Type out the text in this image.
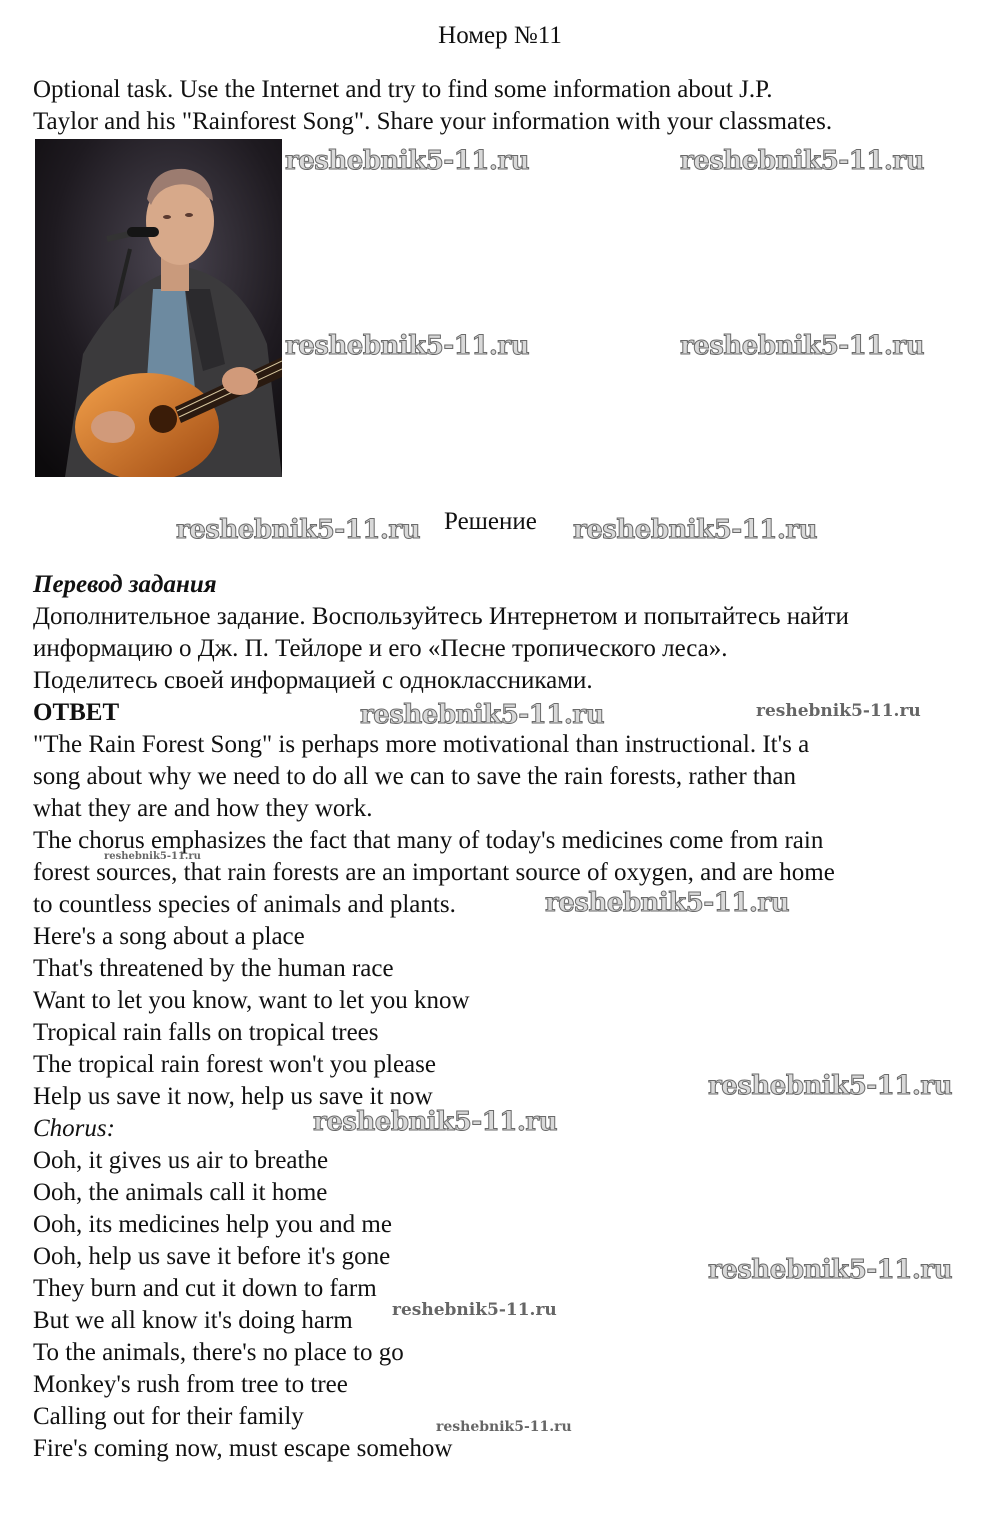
Номер №11
Optional task. Use the Internet and try to find some information about J.P.
Taylor and his "Rainforest Song". Share your information with your classmates.
reshebnik5-11.ru	reshebnik5-11.ru
reshebnik5-11.ru	reshebnik5-11.ru
reshebnik5-11.ru	reshebnik5-11.ru
reshebnik5-11.ru	reshebnik5-11.ru
reshebnik5-11.ru
reshebnik5-11.ru
reshebnik5-11.ru
reshebnik5-11.ru
reshebnik5-11.ru
reshebnik5-11.ru
reshebnik5-11.ru
Решение
Перевод задания
Дополнительное задание. Воспользуйтесь Интернетом и попытайтесь найти
информацию о Дж. П. Тейлоре и его «Песне тропического леса».
Поделитесь своей информацией с одноклассниками.
ОТВЕТ
"The Rain Forest Song" is perhaps more motivational than instructional. It's a
song about why we need to do all we can to save the rain forests, rather than
what they are and how they work.
The chorus emphasizes the fact that many of today's medicines come from rain
forest sources, that rain forests are an important source of oxygen, and are home
to countless species of animals and plants.
Here's a song about a place
That's threatened by the human race
Want to let you know, want to let you know
Tropical rain falls on tropical trees
The tropical rain forest won't you please
Help us save it now, help us save it now
Chorus:
Ooh, it gives us air to breathe
Ooh, the animals call it home
Ooh, its medicines help you and me
Ooh, help us save it before it's gone
They burn and cut it down to farm
But we all know it's doing harm
To the animals, there's no place to go
Monkey's rush from tree to tree
Calling out for their family
Fire's coming now, must escape somehow
